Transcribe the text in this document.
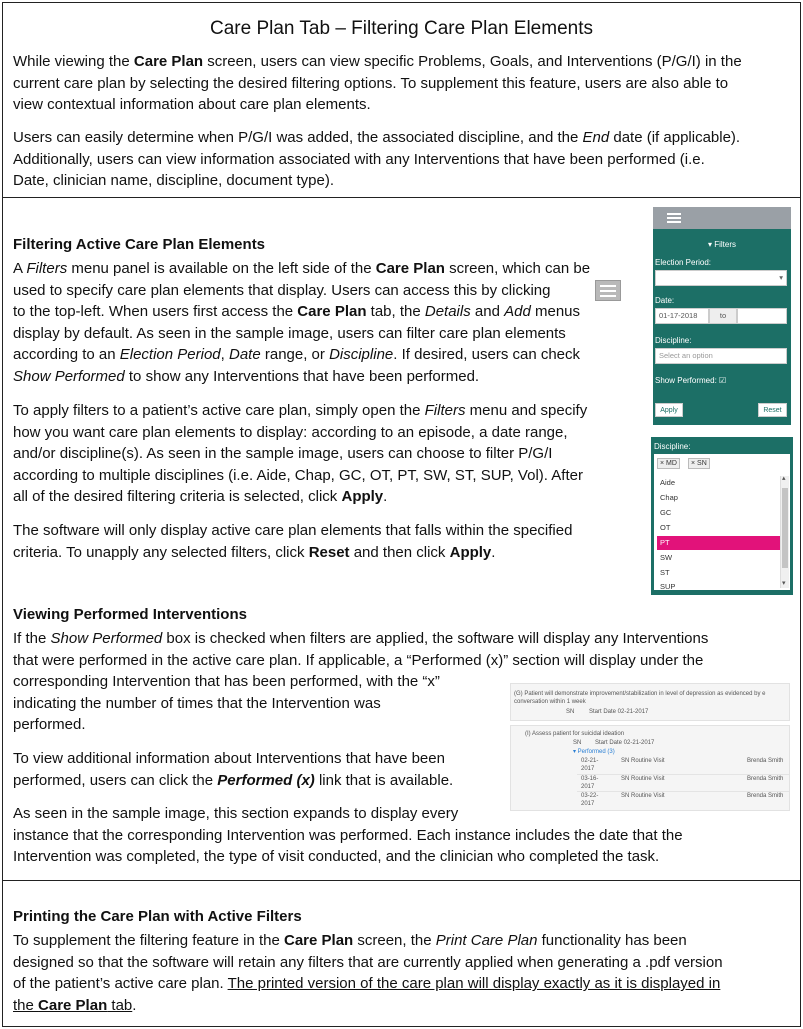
Care Plan Tab – Filtering Care Plan Elements
While viewing the Care Plan screen, users can view specific Problems, Goals, and Interventions (P/G/I) in the
current care plan by selecting the desired filtering options. To supplement this feature, users are also able to
view contextual information about care plan elements.
Users can easily determine when P/G/I was added, the associated discipline, and the End date (if applicable).
Additionally, users can view information associated with any Interventions that have been performed (i.e.
Date, clinician name, discipline, document type).
Filtering Active Care Plan Elements
A Filters menu panel is available on the left side of the Care Plan screen, which can be
used to specify care plan elements that display. Users can access this by clicking
to the top-left. When users first access the Care Plan tab, the Details and Add menus
display by default. As seen in the sample image, users can filter care plan elements
according to an Election Period, Date range, or Discipline. If desired, users can check
Show Performed to show any Interventions that have been performed.
To apply filters to a patient’s active care plan, simply open the Filters menu and specify
how you want care plan elements to display: according to an episode, a date range,
and/or discipline(s). As seen in the sample image, users can choose to filter P/G/I
according to multiple disciplines (i.e. Aide, Chap, GC, OT, PT, SW, ST, SUP, Vol). After
all of the desired filtering criteria is selected, click Apply.
The software will only display active care plan elements that falls within the specified
criteria. To unapply any selected filters, click Reset and then click Apply.
▾ Filters
Election Period:
▾
Date:
01-17-2018	to
Discipline:
Select an option
Show Performed: ☑
Apply	Reset
Discipline:
× MD	× SN
Aide
Chap
GC
OT
PT
SW
ST
SUP
▴
▾
Viewing Performed Interventions
If the Show Performed box is checked when filters are applied, the software will display any Interventions
that were performed in the active care plan. If applicable, a “Performed (x)” section will display under the
corresponding Intervention that has been performed, with the “x”
indicating the number of times that the Intervention was
performed.
To view additional information about Interventions that have been
performed, users can click the Performed (x) link that is available.
As seen in the sample image, this section expands to display every
instance that the corresponding Intervention was performed. Each instance includes the date that the
Intervention was completed, the type of visit conducted, and the clinician who completed the task.
(G) Patient will demonstrate improvement/stabilization in level of depression as evidenced by e
conversation within 1 week
SN Start Date 02-21-2017
(I) Assess patient for suicidal ideation
SN Start Date 02-21-2017
▾ Performed (3)
02-21-
2017
SN Routine Visit	Brenda Smith
03-16-
2017
SN Routine Visit	Brenda Smith
03-22-
2017
SN Routine Visit	Brenda Smith
Printing the Care Plan with Active Filters
To supplement the filtering feature in the Care Plan screen, the Print Care Plan functionality has been
designed so that the software will retain any filters that are currently applied when generating a .pdf version
of the patient’s active care plan. The printed version of the care plan will display exactly as it is displayed in
the Care Plan tab.
